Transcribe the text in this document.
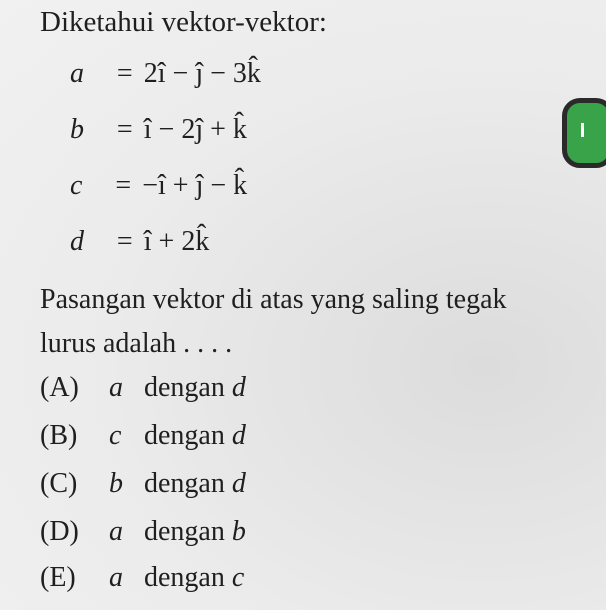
Diketahui vektor-vektor:
a⃗ = 2î − ĵ − 3k̂
b⃗ = î − 2ĵ + k̂
c⃗ = −î + ĵ − k̂
d⃗ = î + 2k̂
Pasangan vektor di atas yang saling tegak
lurus adalah . . . .
(A) a⃗ dengan d⃗
(B) c⃗ dengan d⃗
(C) b⃗ dengan d⃗
(D) a⃗ dengan b⃗
(E) a⃗ dengan c⃗
